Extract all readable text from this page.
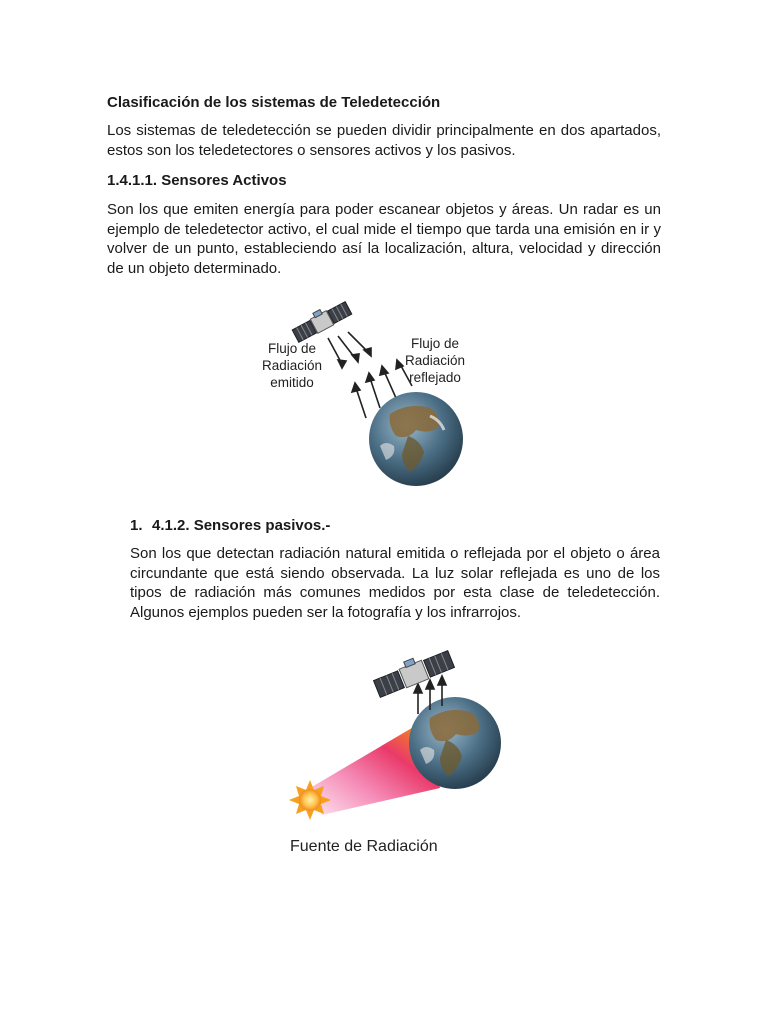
Clasificación de los sistemas de Teledetección

Los sistemas de teledetección se pueden dividir principalmente en dos apartados, estos son los teledetectores o sensores activos y los pasivos.

1.4.1.1. Sensores Activos

Son los que emiten energía para poder escanear objetos y áreas. Un radar es un ejemplo de teledetector activo, el cual mide el tiempo que tarda una emisión en ir y volver de un punto, estableciendo así la localización, altura, velocidad y dirección de un objeto determinado.

Flujo de
Radiación
emitido
Flujo de
Radiación
reflejado
1. 4.1.2. Sensores pasivos.-

Son los que detectan radiación natural emitida o reflejada por el objeto o área circundante que está siendo observada. La luz solar reflejada es uno de los tipos de radiación más comunes medidos por esta clase de teledetección. Algunos ejemplos pueden ser la fotografía y los infrarrojos.

Fuente de Radiación
